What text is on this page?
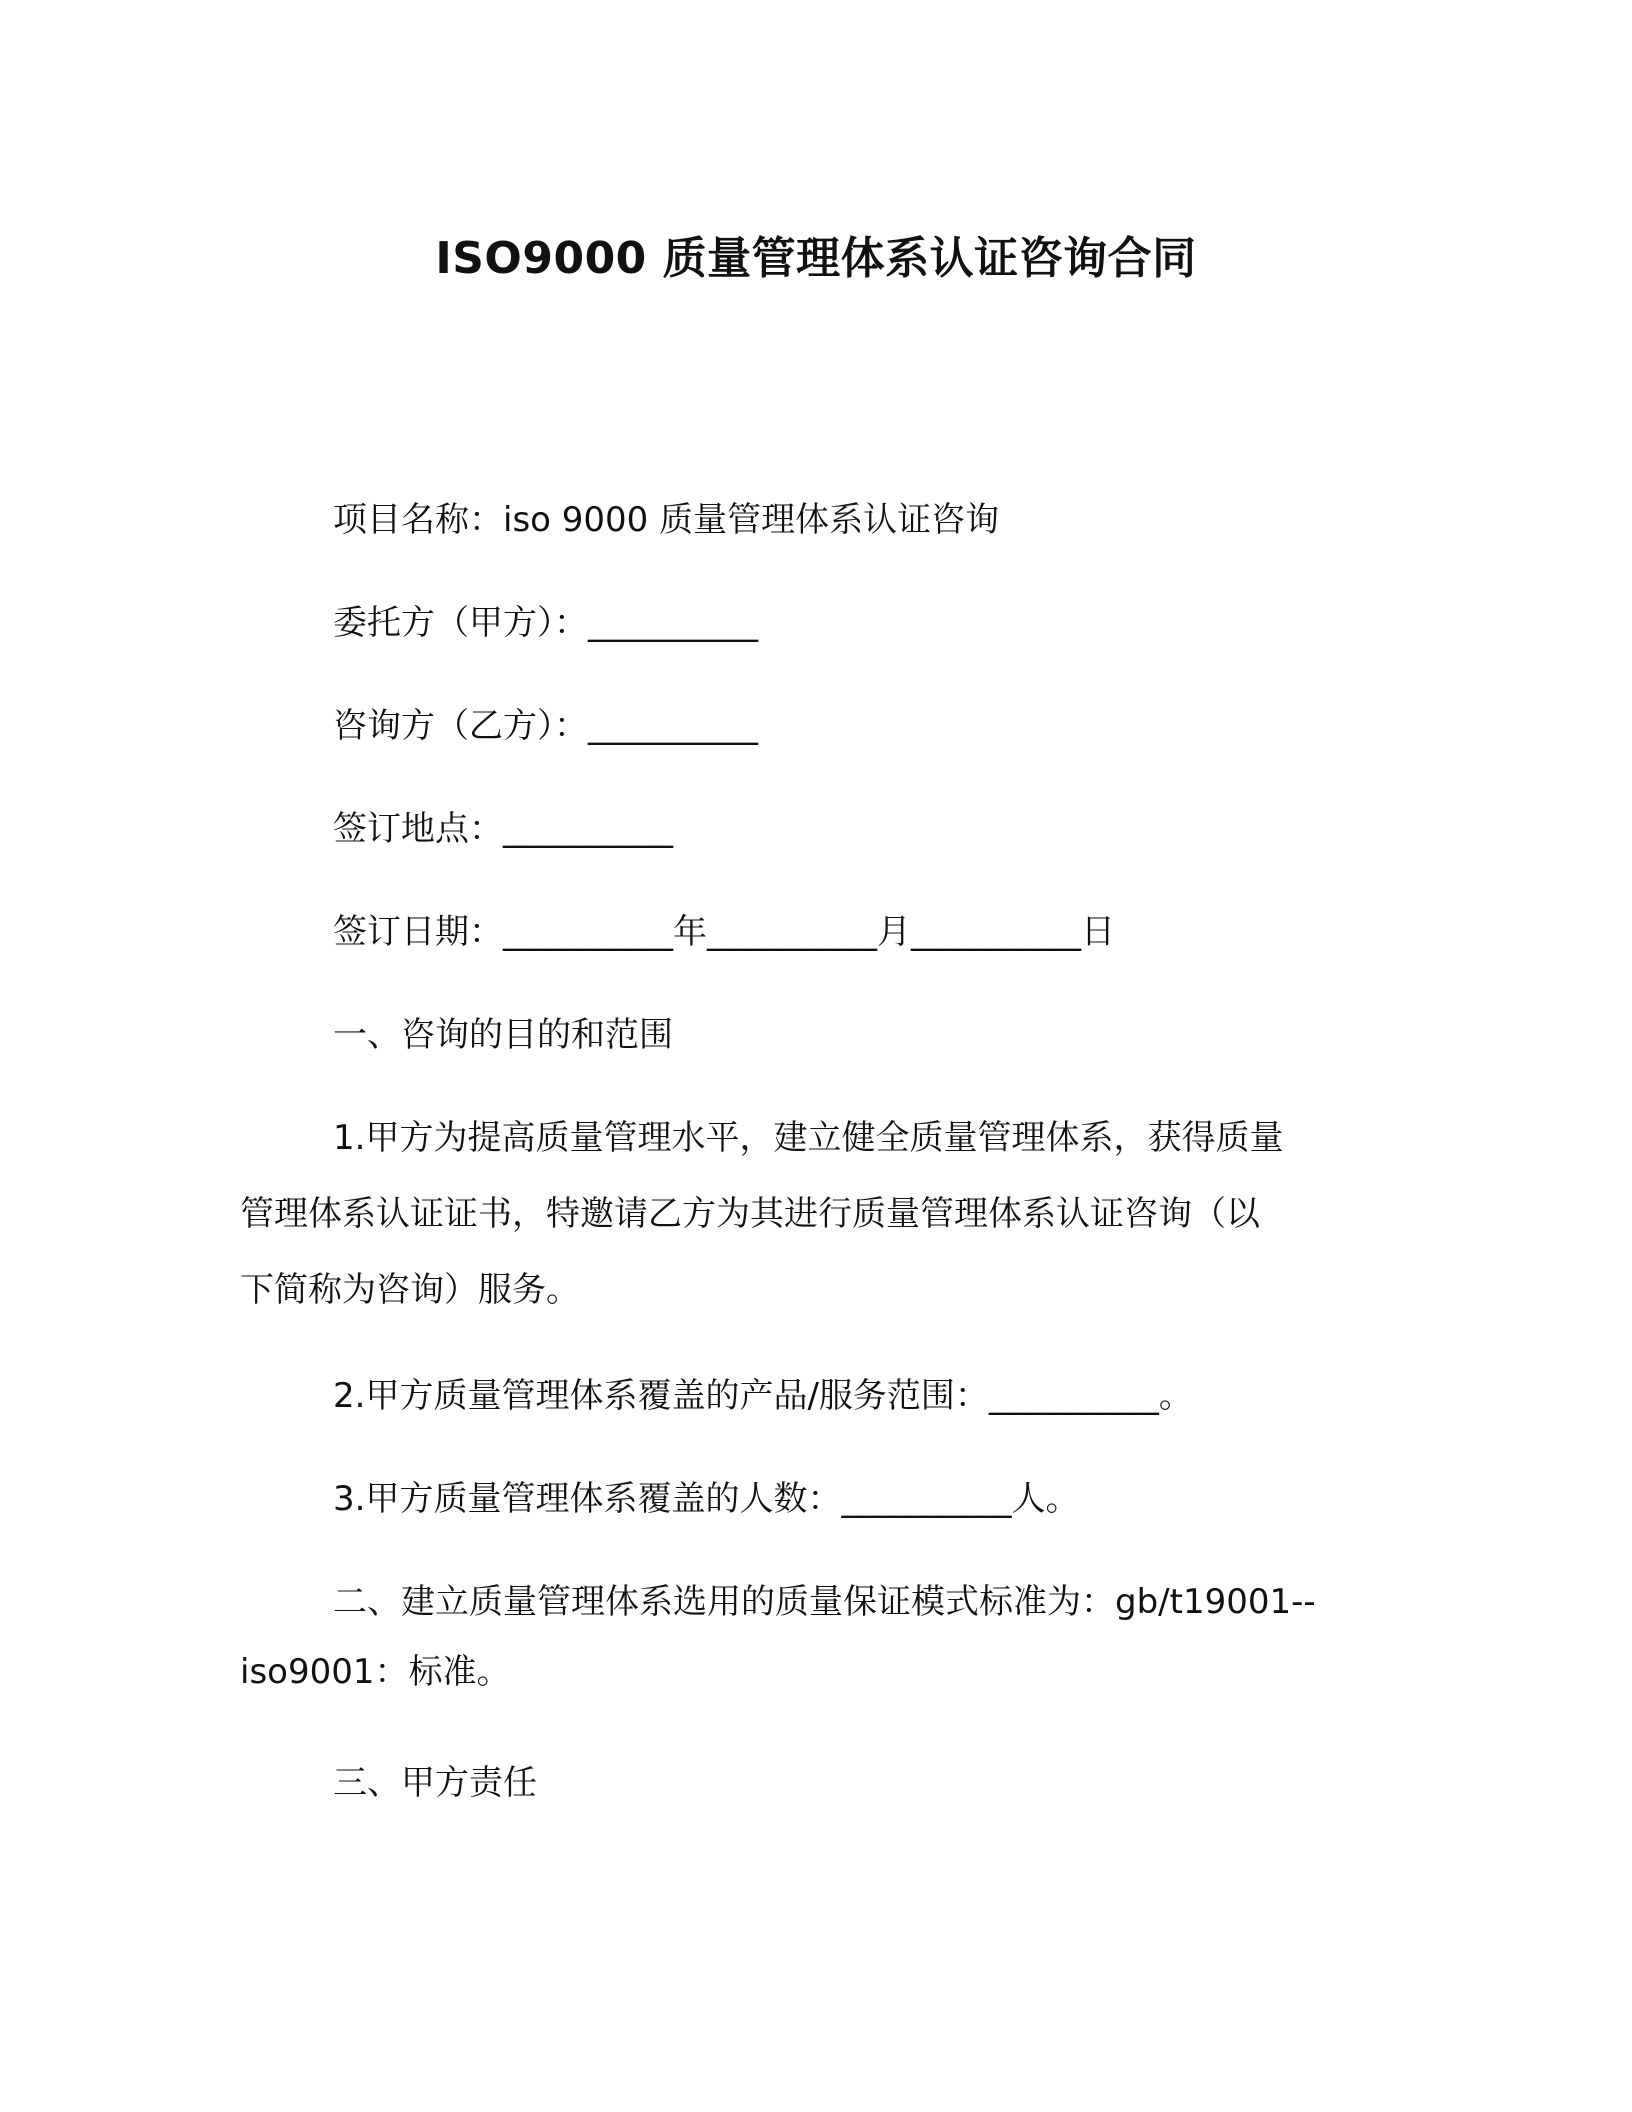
ISO9000 质量管理体系认证咨询合同
项目名称：iso 9000 质量管理体系认证咨询
委托方（甲方）：__________
咨询方（乙方）：__________
签订地点：__________
签订日期：__________年__________月__________日
一、咨询的目的和范围
1.甲方为提高质量管理水平，建立健全质量管理体系，获得质量
管理体系认证证书，特邀请乙方为其进行质量管理体系认证咨询（以
下简称为咨询）服务。
2.甲方质量管理体系覆盖的产品/服务范围：__________。
3.甲方质量管理体系覆盖的人数：__________人。
二、建立质量管理体系选用的质量保证模式标准为：gb/t19001--
iso9001：标准。
三、甲方责任
